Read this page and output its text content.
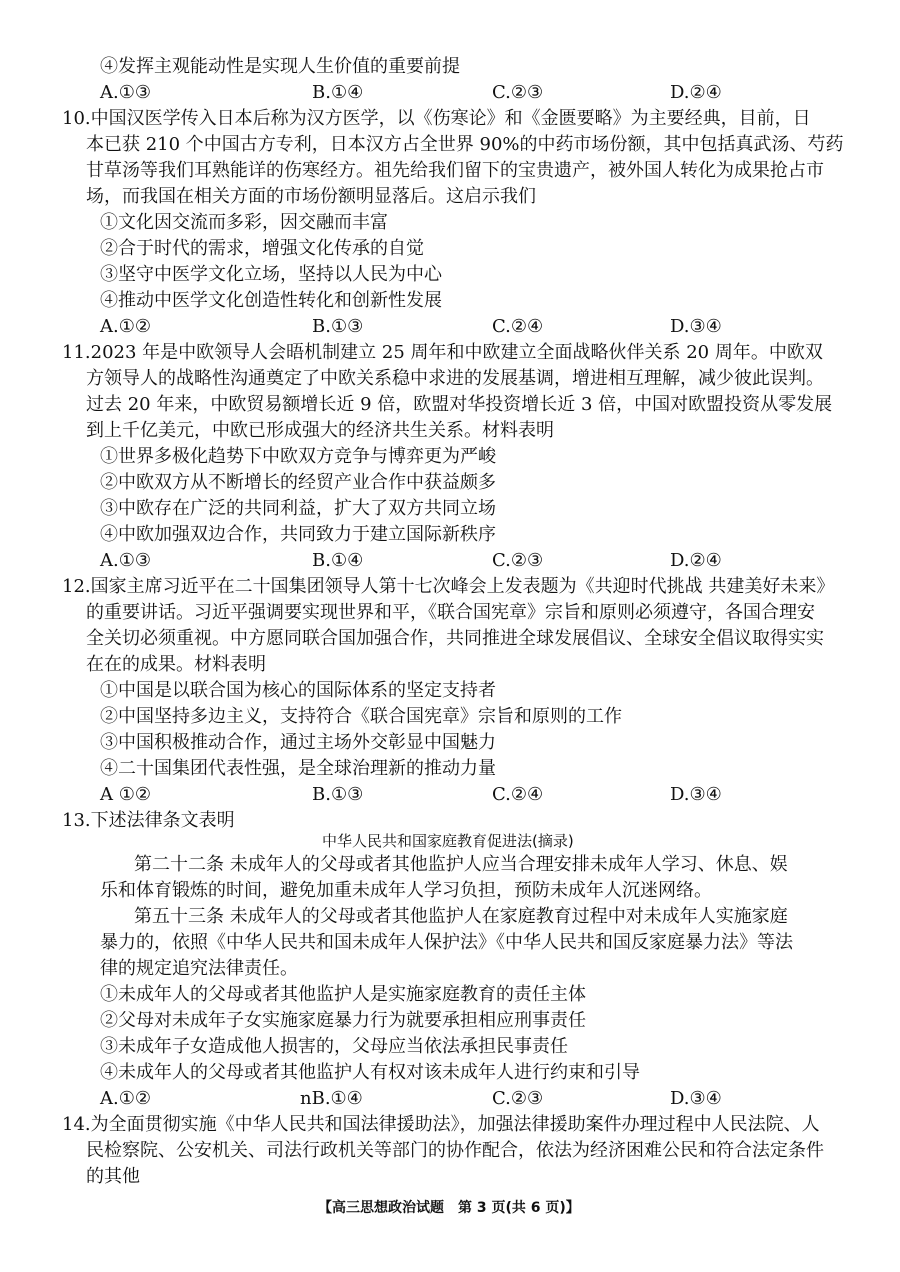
④发挥主观能动性是实现人生价值的重要前提
A.①③	B.①④	C.②③	D.②④
10.中国汉医学传入日本后称为汉方医学，以《伤寒论》和《金匮要略》为主要经典，目前，日
本已获 210 个中国古方专利，日本汉方占全世界 90%的中药市场份额，其中包括真武汤、芍药
甘草汤等我们耳熟能详的伤寒经方。祖先给我们留下的宝贵遗产，被外国人转化为成果抢占市
场，而我国在相关方面的市场份额明显落后。这启示我们
①文化因交流而多彩，因交融而丰富
②合于时代的需求，增强文化传承的自觉
③坚守中医学文化立场，坚持以人民为中心
④推动中医学文化创造性转化和创新性发展
A.①②	B.①③	C.②④	D.③④
11.2023 年是中欧领导人会晤机制建立 25 周年和中欧建立全面战略伙伴关系 20 周年。中欧双
方领导人的战略性沟通奠定了中欧关系稳中求进的发展基调，增进相互理解，减少彼此误判。
过去 20 年来，中欧贸易额增长近 9 倍，欧盟对华投资增长近 3 倍，中国对欧盟投资从零发展
到上千亿美元，中欧已形成强大的经济共生关系。材料表明
①世界多极化趋势下中欧双方竞争与博弈更为严峻
②中欧双方从不断增长的经贸产业合作中获益颇多
③中欧存在广泛的共同利益，扩大了双方共同立场
④中欧加强双边合作，共同致力于建立国际新秩序
A.①③	B.①④	C.②③	D.②④
12.国家主席习近平在二十国集团领导人第十七次峰会上发表题为《共迎时代挑战 共建美好未来》
的重要讲话。习近平强调要实现世界和平，《联合国宪章》宗旨和原则必须遵守，各国合理安
全关切必须重视。中方愿同联合国加强合作，共同推进全球发展倡议、全球安全倡议取得实实
在在的成果。材料表明
①中国是以联合国为核心的国际体系的坚定支持者
②中国坚持多边主义，支持符合《联合国宪章》宗旨和原则的工作
③中国积极推动合作，通过主场外交彰显中国魅力
④二十国集团代表性强，是全球治理新的推动力量
A ①②	B.①③	C.②④	D.③④
13.下述法律条文表明
中华人民共和国家庭教育促进法(摘录)
第二十二条 未成年人的父母或者其他监护人应当合理安排未成年人学习、休息、娱
乐和体育锻炼的时间，避免加重未成年人学习负担，预防未成年人沉迷网络。
第五十三条 未成年人的父母或者其他监护人在家庭教育过程中对未成年人实施家庭
暴力的，依照《中华人民共和国未成年人保护法》《中华人民共和国反家庭暴力法》等法
律的规定追究法律责任。
①未成年人的父母或者其他监护人是实施家庭教育的责任主体
②父母对未成年子女实施家庭暴力行为就要承担相应刑事责任
③未成年子女造成他人损害的，父母应当依法承担民事责任
④未成年人的父母或者其他监护人有权对该未成年人进行约束和引导
A.①②	nB.①④	C.②③	D.③④
14.为全面贯彻实施《中华人民共和国法律援助法》，加强法律援助案件办理过程中人民法院、人
民检察院、公安机关、司法行政机关等部门的协作配合，依法为经济困难公民和符合法定条件
的其他
【高三思想政治试题　第 3 页(共 6 页)】
